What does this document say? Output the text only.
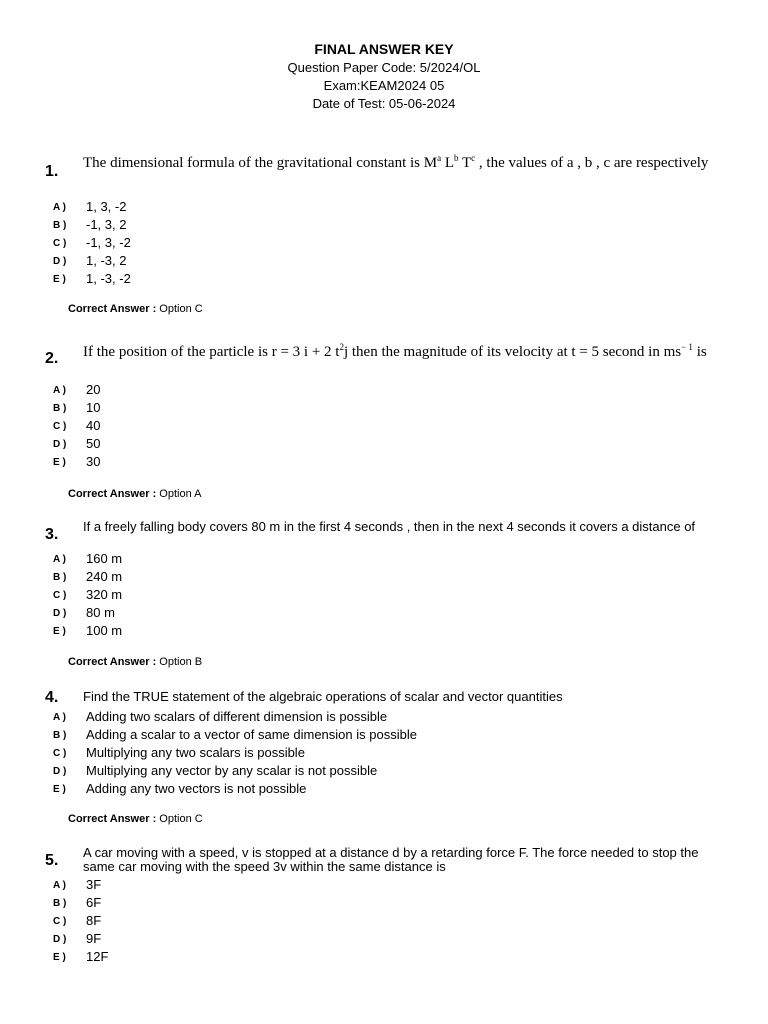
FINAL ANSWER KEY
Question Paper Code: 5/2024/OL
Exam:KEAM2024 05
Date of Test: 05-06-2024
1. The dimensional formula of the gravitational constant is $M^a$ $L^b$ $T^c$ , the values of a , b , c are respectively
A )	1, 3, -2
B )	-1, 3, 2
C )	-1, 3, -2
D )	1, -3, 2
E )	1, -3, -2
Correct Answer : Option C
2. If the position of the particle is r = 3 i + 2 $t^2j$ then the magnitude of its velocity at t = 5 second in $ms^{- 1}$ is
A )	20
B )	10
C )	40
D )	50
E )	30
Correct Answer : Option A
3. If a freely falling body covers 80 m in the first 4 seconds , then in the next 4 seconds it covers a distance of
A )	160 m
B )	240 m
C )	320 m
D )	80 m
E )	100 m
Correct Answer : Option B
4. Find the TRUE statement of the algebraic operations of scalar and vector quantities
A )	Adding two scalars of different dimension is possible
B )	Adding a scalar to a vector of same dimension is possible
C )	Multiplying any two scalars is possible
D )	Multiplying any vector by any scalar is not possible
E )	Adding any two vectors is not possible
Correct Answer : Option C
5. A car moving with a speed, v is stopped at a distance d by a retarding force F. The force needed to stop the same car moving with the speed 3v within the same distance is
A )	3F
B )	6F
C )	8F
D )	9F
E )	12F
